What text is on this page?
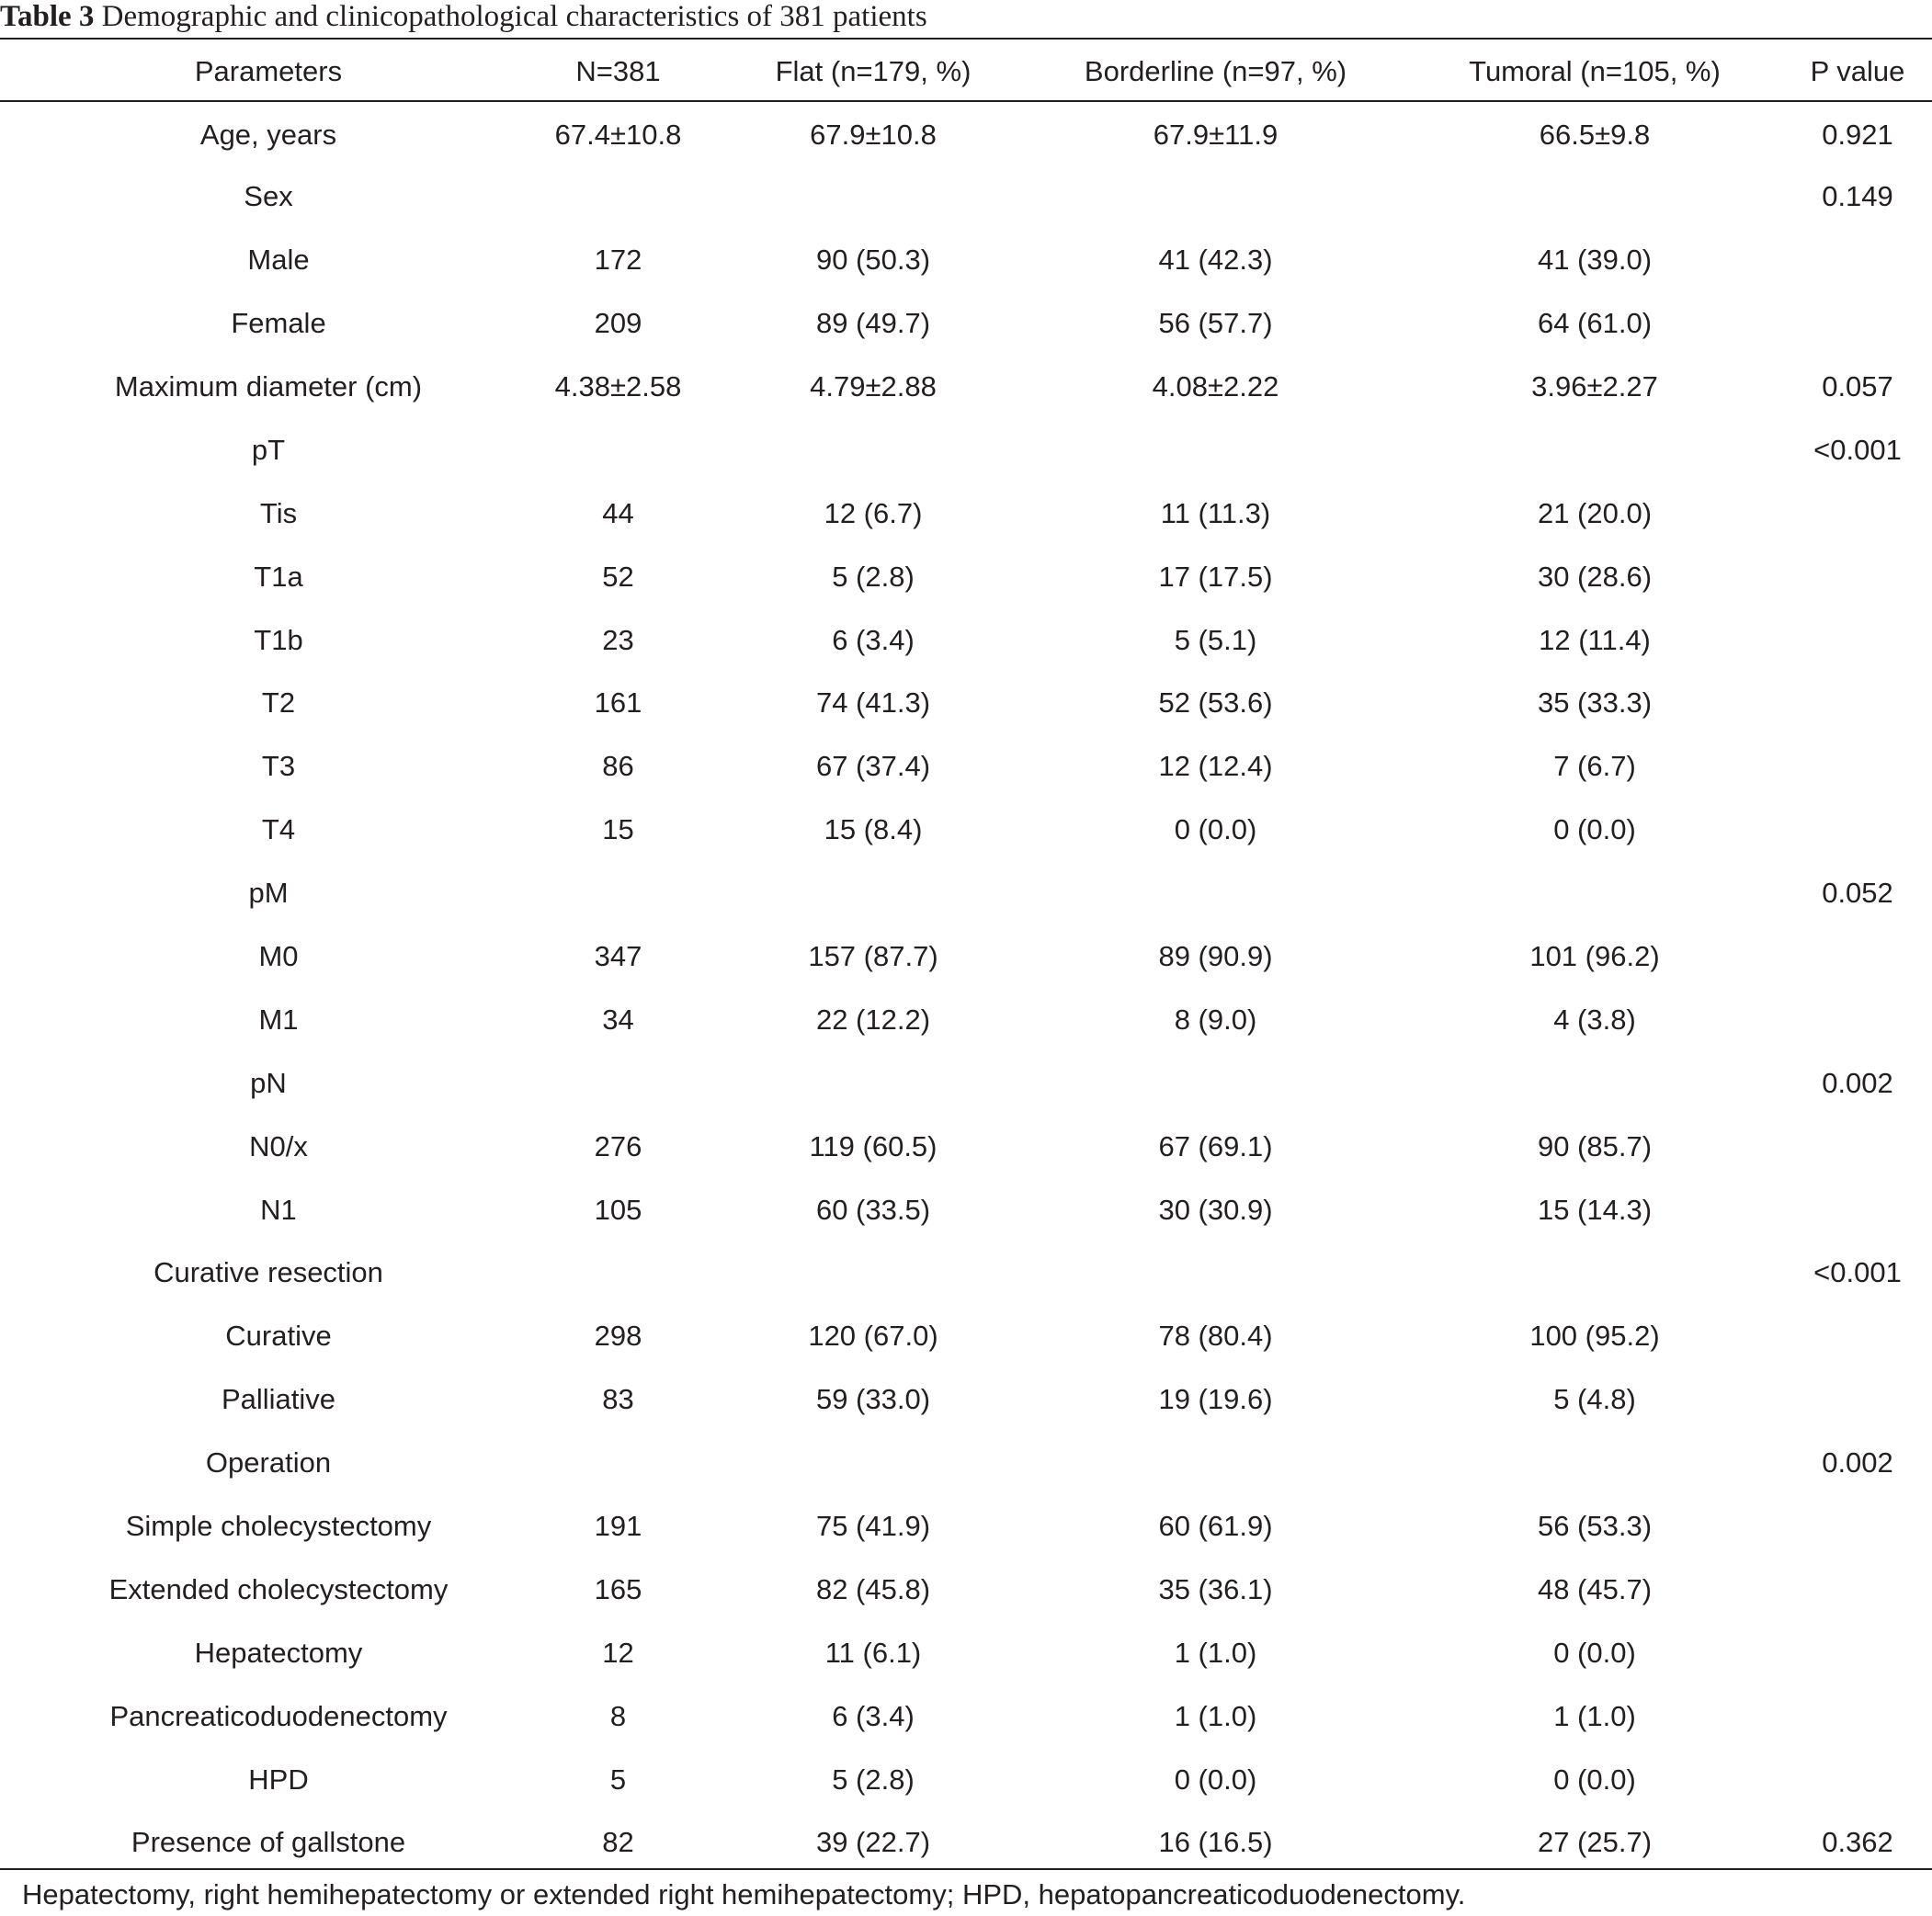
Table 3 Demographic and clinicopathological characteristics of 381 patients
Parameters	N=381	Flat (n=179, %)	Borderline (n=97, %)	Tumoral (n=105, %)	P value
Age, years	67.4±10.8	67.9±10.8	67.9±11.9	66.5±9.8	0.921
Sex					0.149
Male	172	90 (50.3)	41 (42.3)	41 (39.0)	
Female	209	89 (49.7)	56 (57.7)	64 (61.0)	
Maximum diameter (cm)	4.38±2.58	4.79±2.88	4.08±2.22	3.96±2.27	0.057
pT					<0.001
Tis	44	12 (6.7)	11 (11.3)	21 (20.0)	
T1a	52	5 (2.8)	17 (17.5)	30 (28.6)	
T1b	23	6 (3.4)	5 (5.1)	12 (11.4)	
T2	161	74 (41.3)	52 (53.6)	35 (33.3)	
T3	86	67 (37.4)	12 (12.4)	7 (6.7)	
T4	15	15 (8.4)	0 (0.0)	0 (0.0)	
pM					0.052
M0	347	157 (87.7)	89 (90.9)	101 (96.2)	
M1	34	22 (12.2)	8 (9.0)	4 (3.8)	
pN					0.002
N0/x	276	119 (60.5)	67 (69.1)	90 (85.7)	
N1	105	60 (33.5)	30 (30.9)	15 (14.3)	
Curative resection					<0.001
Curative	298	120 (67.0)	78 (80.4)	100 (95.2)	
Palliative	83	59 (33.0)	19 (19.6)	5 (4.8)	
Operation					0.002
Simple cholecystectomy	191	75 (41.9)	60 (61.9)	56 (53.3)	
Extended cholecystectomy	165	82 (45.8)	35 (36.1)	48 (45.7)	
Hepatectomy	12	11 (6.1)	1 (1.0)	0 (0.0)	
Pancreaticoduodenectomy	8	6 (3.4)	1 (1.0)	1 (1.0)	
HPD	5	5 (2.8)	0 (0.0)	0 (0.0)	
Presence of gallstone	82	39 (22.7)	16 (16.5)	27 (25.7)	0.362
Hepatectomy, right hemihepatectomy or extended right hemihepatectomy; HPD, hepatopancreaticoduodenectomy.
